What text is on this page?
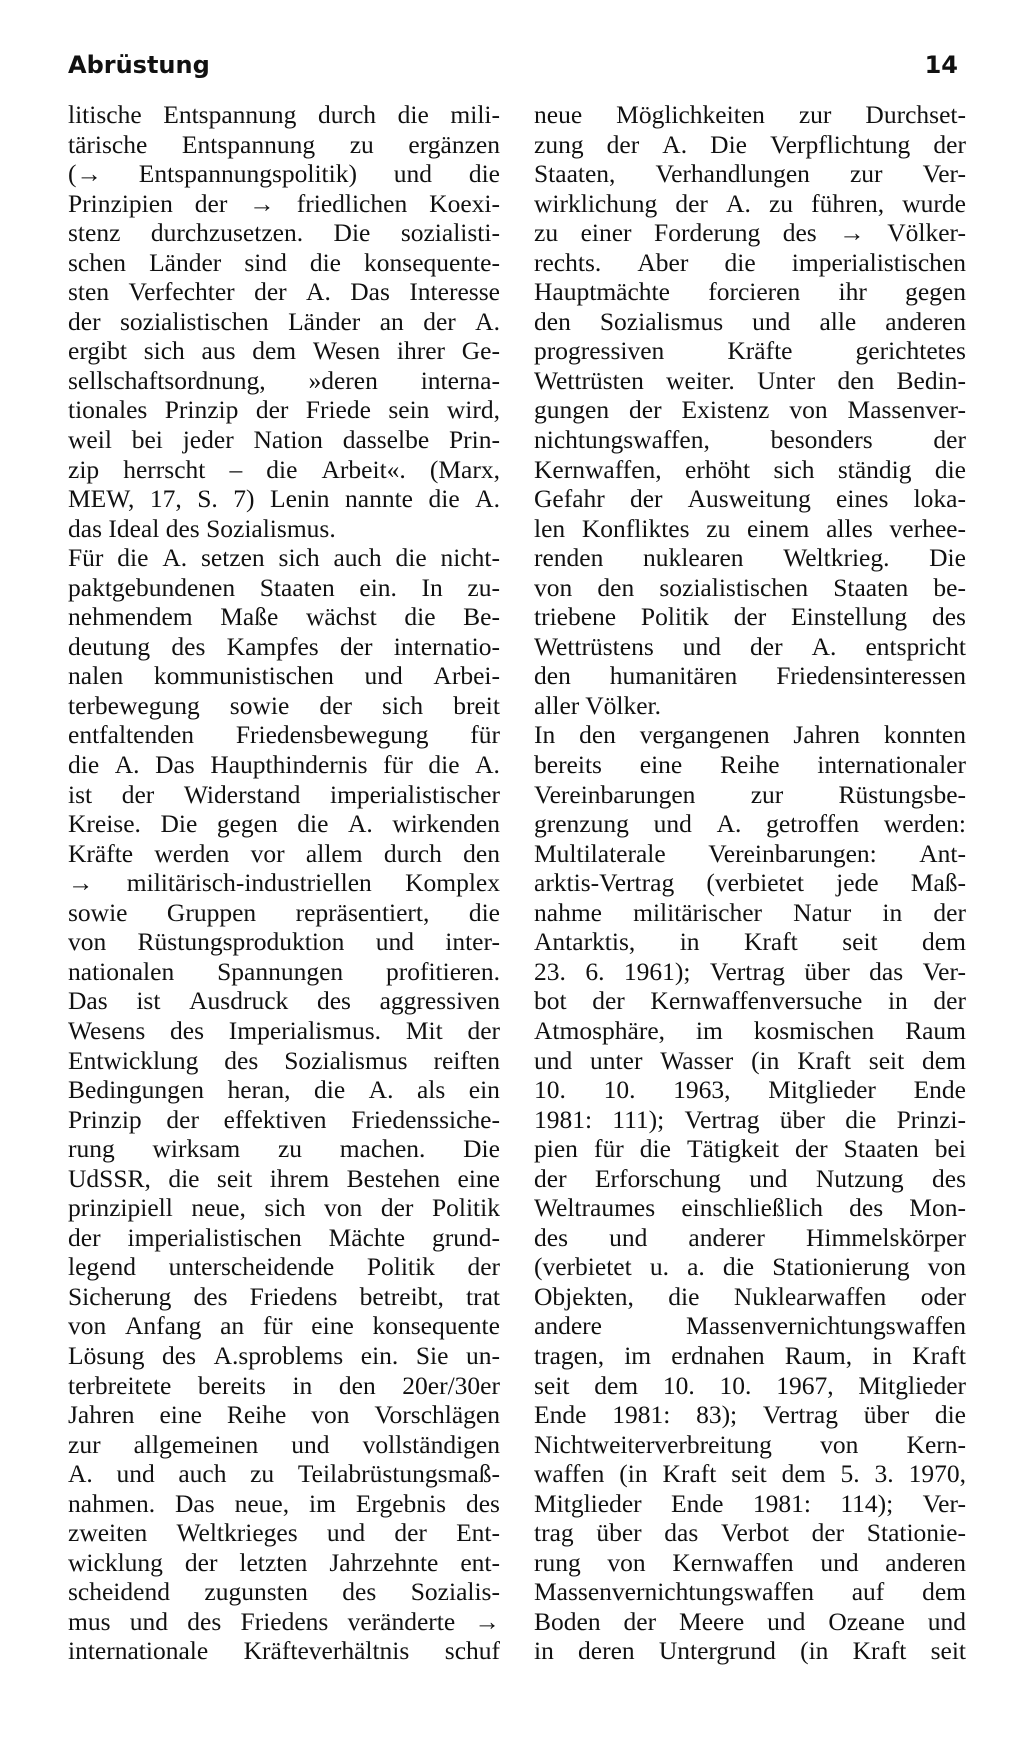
Abrüstung	14
litische Entspannung durch die mili-
tärische Entspannung zu ergänzen
(→ Entspannungspolitik) und die
Prinzipien der → friedlichen Koexi-
stenz durchzusetzen. Die sozialisti-
schen Länder sind die konsequente-
sten Verfechter der A. Das Interesse
der sozialistischen Länder an der A.
ergibt sich aus dem Wesen ihrer Ge-
sellschaftsordnung, »deren interna-
tionales Prinzip der Friede sein wird,
weil bei jeder Nation dasselbe Prin-
zip herrscht – die Arbeit«. (Marx,
MEW, 17, S. 7) Lenin nannte die A.
das Ideal des Sozialismus.
Für die A. setzen sich auch die nicht-
paktgebundenen Staaten ein. In zu-
nehmendem Maße wächst die Be-
deutung des Kampfes der internatio-
nalen kommunistischen und Arbei-
terbewegung sowie der sich breit
entfaltenden Friedensbewegung für
die A. Das Haupthindernis für die A.
ist der Widerstand imperialistischer
Kreise. Die gegen die A. wirkenden
Kräfte werden vor allem durch den
→ militärisch-industriellen Komplex
sowie Gruppen repräsentiert, die
von Rüstungsproduktion und inter-
nationalen Spannungen profitieren.
Das ist Ausdruck des aggressiven
Wesens des Imperialismus. Mit der
Entwicklung des Sozialismus reiften
Bedingungen heran, die A. als ein
Prinzip der effektiven Friedenssiche-
rung wirksam zu machen. Die
UdSSR, die seit ihrem Bestehen eine
prinzipiell neue, sich von der Politik
der imperialistischen Mächte grund-
legend unterscheidende Politik der
Sicherung des Friedens betreibt, trat
von Anfang an für eine konsequente
Lösung des A.sproblems ein. Sie un-
terbreitete bereits in den 20er/30er
Jahren eine Reihe von Vorschlägen
zur allgemeinen und vollständigen
A. und auch zu Teilabrüstungsmaß-
nahmen. Das neue, im Ergebnis des
zweiten Weltkrieges und der Ent-
wicklung der letzten Jahrzehnte ent-
scheidend zugunsten des Sozialis-
mus und des Friedens veränderte →
internationale Kräfteverhältnis schuf
neue Möglichkeiten zur Durchset-
zung der A. Die Verpflichtung der
Staaten, Verhandlungen zur Ver-
wirklichung der A. zu führen, wurde
zu einer Forderung des → Völker-
rechts. Aber die imperialistischen
Hauptmächte forcieren ihr gegen
den Sozialismus und alle anderen
progressiven Kräfte gerichtetes
Wettrüsten weiter. Unter den Bedin-
gungen der Existenz von Massenver-
nichtungswaffen, besonders der
Kernwaffen, erhöht sich ständig die
Gefahr der Ausweitung eines loka-
len Konfliktes zu einem alles verhee-
renden nuklearen Weltkrieg. Die
von den sozialistischen Staaten be-
triebene Politik der Einstellung des
Wettrüstens und der A. entspricht
den humanitären Friedensinteressen
aller Völker.
In den vergangenen Jahren konnten
bereits eine Reihe internationaler
Vereinbarungen zur Rüstungsbe-
grenzung und A. getroffen werden:
Multilaterale Vereinbarungen: Ant-
arktis-Vertrag (verbietet jede Maß-
nahme militärischer Natur in der
Antarktis, in Kraft seit dem
23. 6. 1961); Vertrag über das Ver-
bot der Kernwaffenversuche in der
Atmosphäre, im kosmischen Raum
und unter Wasser (in Kraft seit dem
10. 10. 1963, Mitglieder Ende
1981: 111); Vertrag über die Prinzi-
pien für die Tätigkeit der Staaten bei
der Erforschung und Nutzung des
Weltraumes einschließlich des Mon-
des und anderer Himmelskörper
(verbietet u. a. die Stationierung von
Objekten, die Nuklearwaffen oder
andere	Massenvernichtungswaffen
tragen, im erdnahen Raum, in Kraft
seit dem 10. 10. 1967, Mitglieder
Ende 1981: 83); Vertrag über die
Nichtweiterverbreitung von Kern-
waffen (in Kraft seit dem 5. 3. 1970,
Mitglieder Ende 1981: 114); Ver-
trag über das Verbot der Stationie-
rung von Kernwaffen und anderen
Massenvernichtungswaffen auf dem
Boden der Meere und Ozeane und
in deren Untergrund (in Kraft seit
